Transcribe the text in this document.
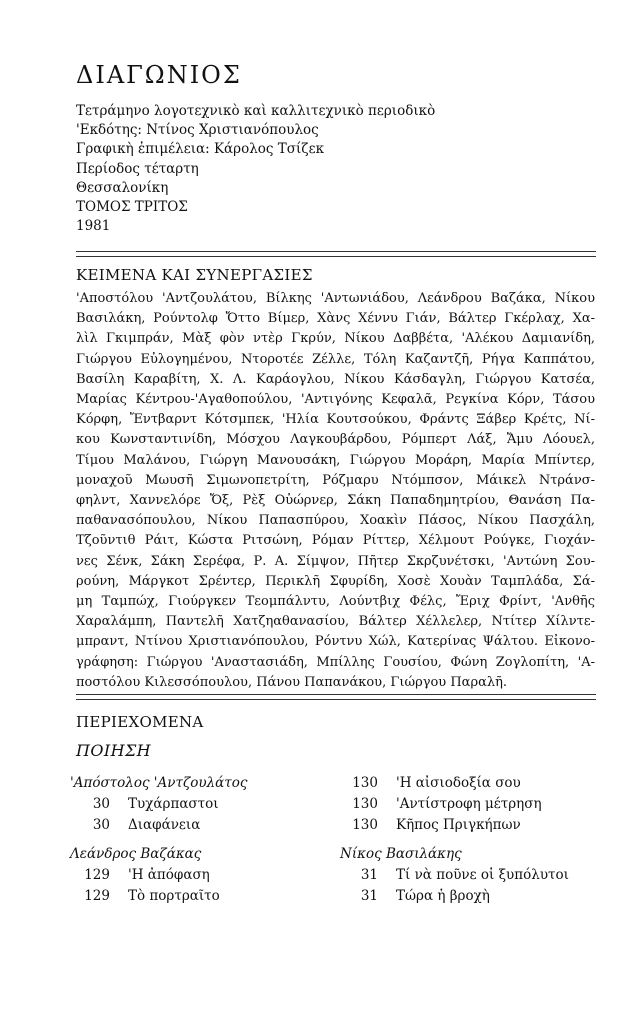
ΔΙΑΓΩΝΙΟΣ
Τετράμηνο λογοτεχνικὸ καὶ καλλιτεχνικὸ περιοδικὸ
'Εκδότης: Ντίνος Χριστιανόπουλος
Γραφικὴ ἐπιμέλεια: Κάρολος Τσίζεκ
Περίοδος τέταρτη
Θεσσαλονίκη
ΤΟΜΟΣ ΤΡΙΤΟΣ
1981
ΚΕΙΜΕΝΑ ΚΑΙ ΣΥΝΕΡΓΑΣΙΕΣ
'Αποστόλου 'Αντζουλάτου, Βίλκης 'Αντωνιάδου, Λεάνδρου Βαζάκα, Νίκου
Βασιλάκη, Ρούντολφ Ὄττο Βίμερ, Χὰνς Χέννυ Γιάν, Βάλτερ Γκέρλαχ, Χα-
λὶλ Γκιμπράν, Μὰξ φὸν ντὲρ Γκρύν, Νίκου Δαββέτα, 'Αλέκου Δαμιανίδη,
Γιώργου Εὐλογημένου, Ντοροτέε Ζέλλε, Τόλη Καζαντζῆ, Ρήγα Καππάτου,
Βασίλη Καραβίτη, Χ. Λ. Καράογλου, Νίκου Κάσδαγλη, Γιώργου Κατσέα,
Μαρίας Κέντρου-'Αγαθοπούλου, 'Αντιγόνης Κεφαλᾶ, Ρεγκίνα Κόρν, Τάσου
Κόρφη, Ἔντβαρντ Κότσμπεκ, 'Ηλία Κουτσούκου, Φράντς Ξάβερ Κρέτς, Νί-
κου Κωνσταντινίδη, Μόσχου Λαγκουβάρδου, Ρόμπερτ Λάξ, Ἄμυ Λόουελ,
Τίμου Μαλάνου, Γιώργη Μανουσάκη, Γιώργου Μοράρη, Μαρία Μπίντερ,
μοναχοῦ Μωυσῆ Σιμωνοπετρίτη, Ρόζμαρυ Ντόμπσον, Μάικελ Ντράνσ-
φηλντ, Χαννελόρε Ὄξ, Ρὲξ Οὐώρνερ, Σάκη Παπαδημητρίου, Θανάση Πα-
παθανασόπουλου, Νίκου Παπασπύρου, Χοακὶν Πάσος, Νίκου Πασχάλη,
Τζοῦντιθ Ράιτ, Κώστα Ριτσώνη, Ρόμαν Ρίττερ, Χέλμουτ Ρούγκε, Γιοχάν-
νες Σένκ, Σάκη Σερέφα, Ρ. Α. Σίμψον, Πῆτερ Σκρζυνέτσκι, 'Αντώνη Σου-
ρούνη, Μάργκοτ Σρέντερ, Περικλῆ Σφυρίδη, Χοσὲ Χουὰν Ταμπλάδα, Σά-
μη Ταμπώχ, Γιούργκεν Τεομπάλντυ, Λούντβιχ Φέλς, Ἔριχ Φρίντ, 'Ανθῆς
Χαραλάμπη, Παντελῆ Χατζηαθανασίου, Βάλτερ Χέλλελερ, Ντίτερ Χίλντε-
μπραντ, Ντίνου Χριστιανόπουλου, Ρόντνυ Χώλ, Κατερίνας Ψάλτου. Εἰκονο-
γράφηση: Γιώργου 'Αναστασιάδη, Μπίλλης Γουσίου, Φώνη Ζογλοπίτη, 'Α-
ποστόλου Κιλεσσόπουλου, Πάνου Παπανάκου, Γιώργου Παραλῆ.
ΠΕΡΙΕΧΟΜΕΝΑ
ΠΟΙΗΣΗ
'Απόστολος 'Αντζουλάτος
30 Τυχάρπαστοι
30 Διαφάνεια
Λεάνδρος Βαζάκας
129 'Η ἀπόφαση
129 Τὸ πορτραῖτο
130 'Η αἰσιοδοξία σου
130 'Αντίστροφη μέτρηση
130 Κῆπος Πριγκήπων
Νίκος Βασιλάκης
31 Τί νὰ ποῦνε οἱ ξυπόλυτοι
31 Τώρα ἡ βροχὴ
